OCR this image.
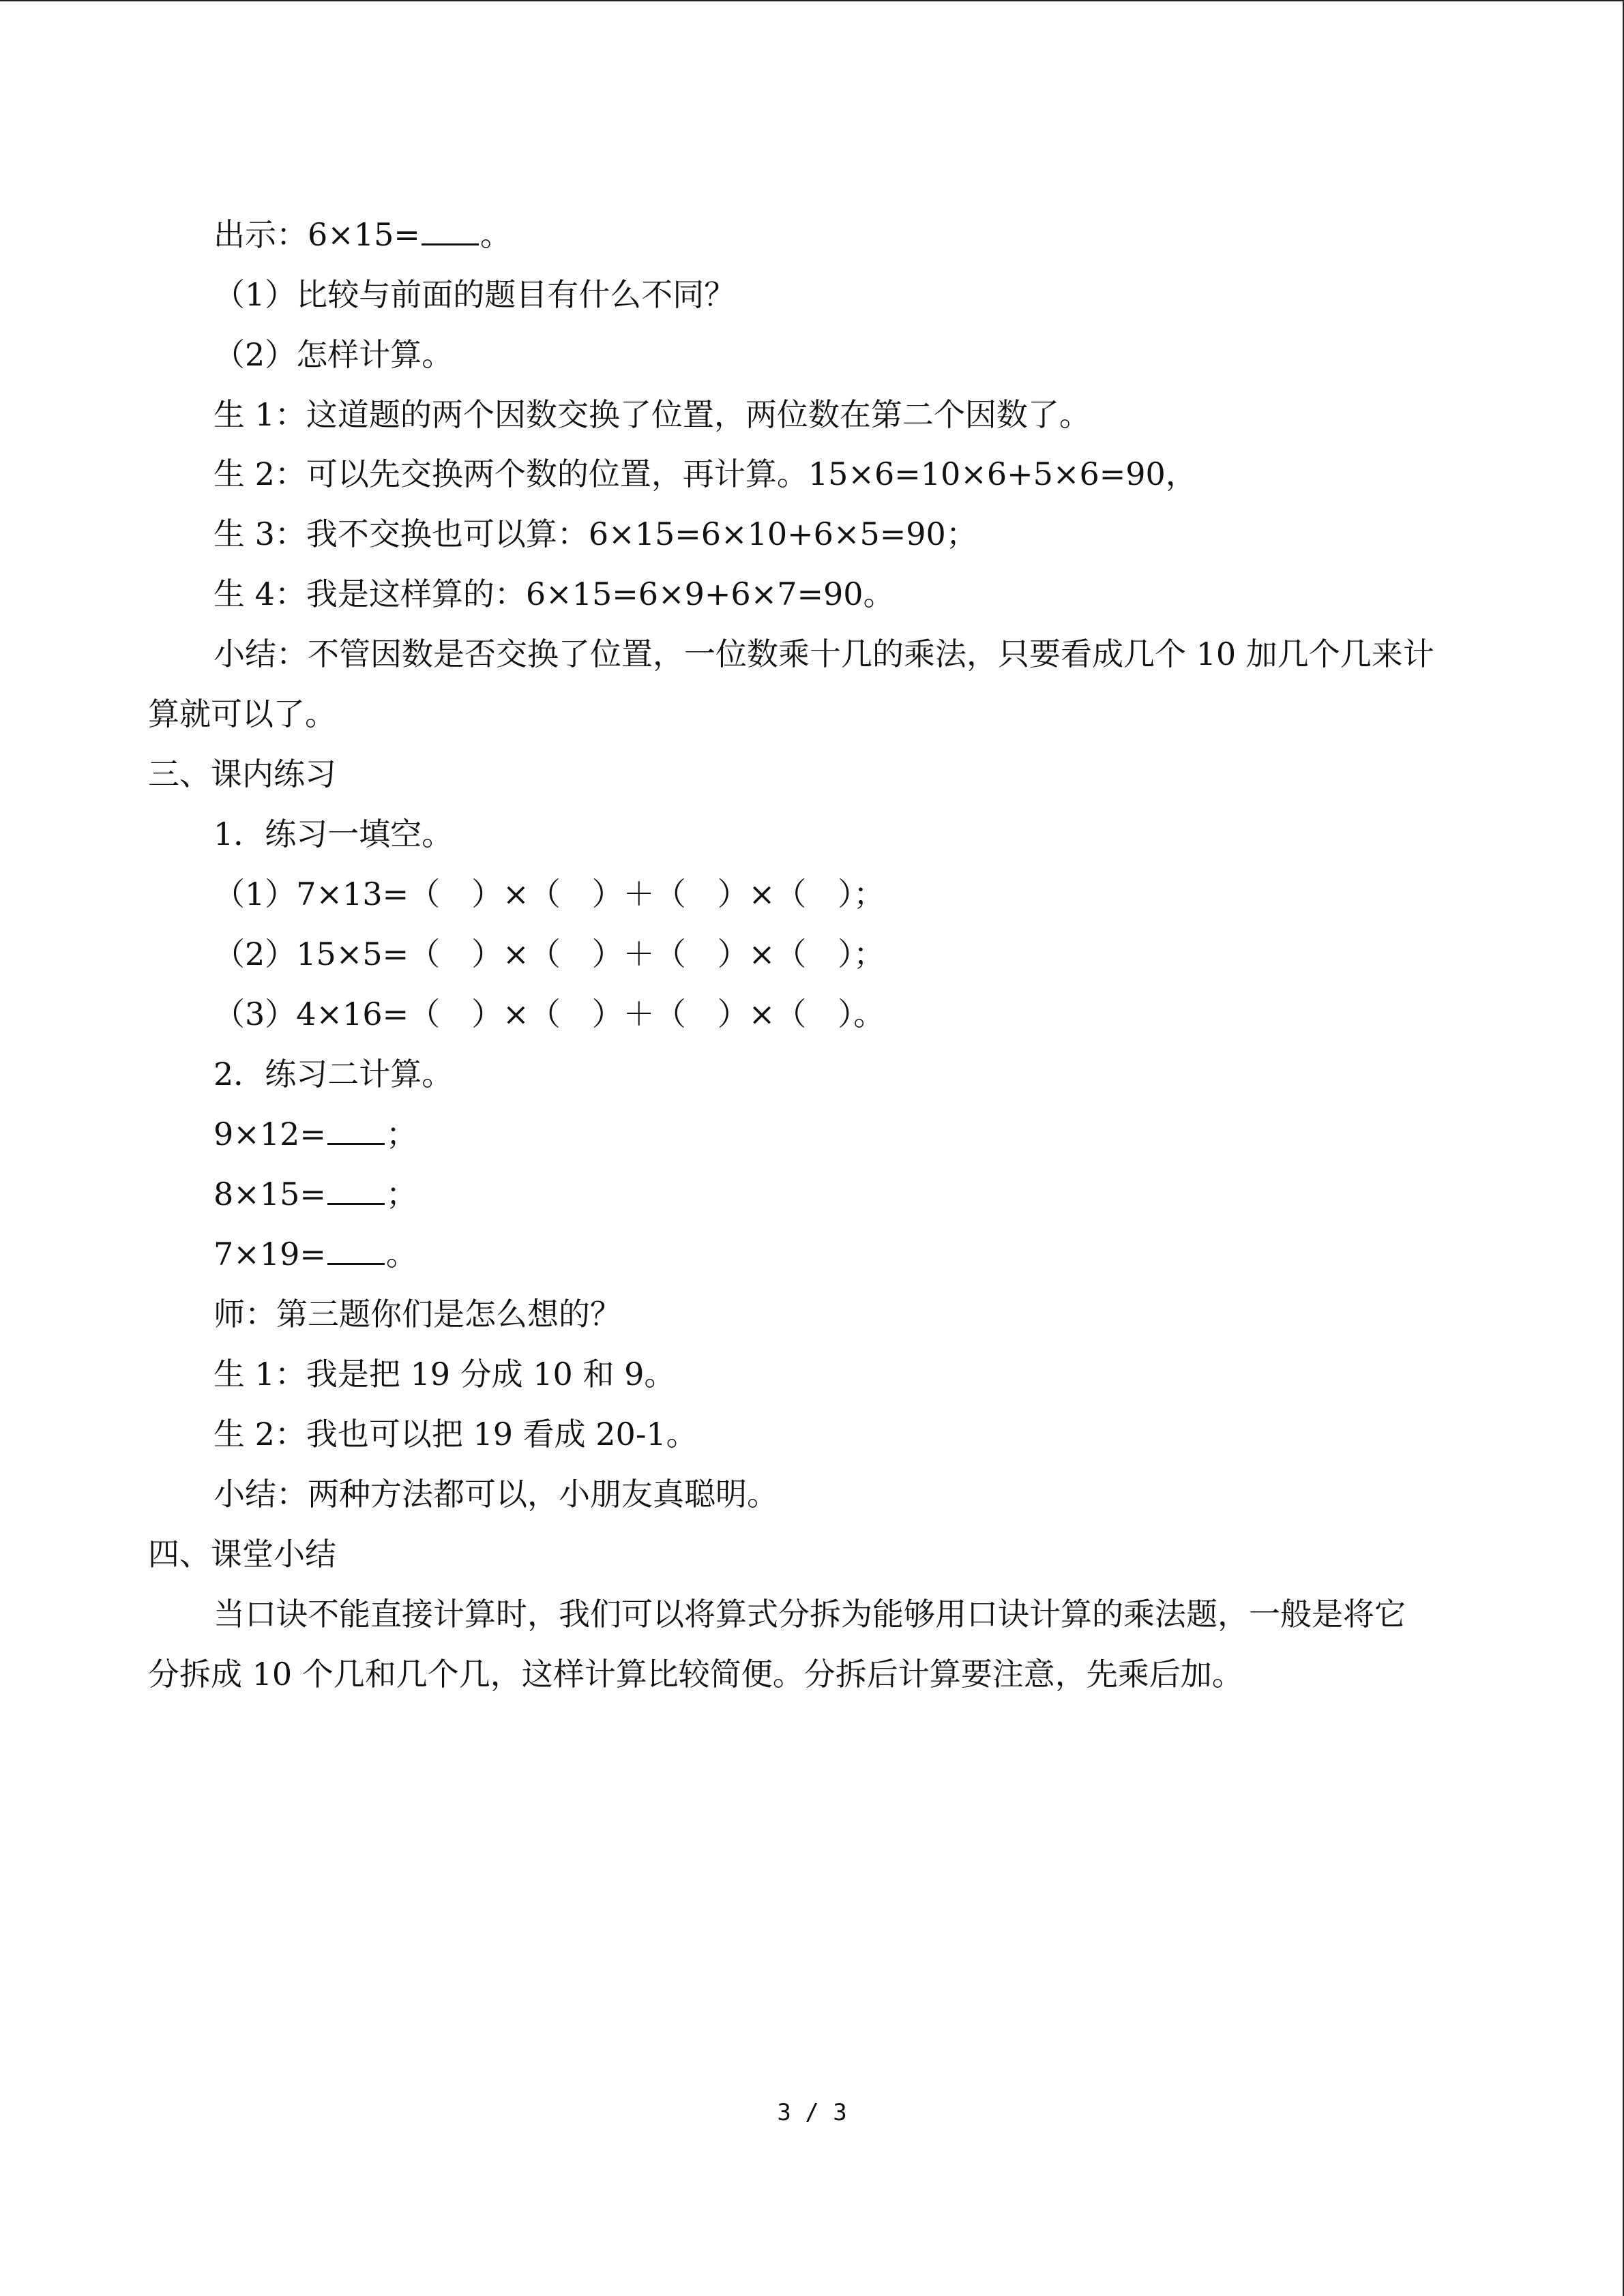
出示：6×15= 。
（1）比较与前面的题目有什么不同？
（2）怎样计算。
生 1：这道题的两个因数交换了位置，两位数在第二个因数了。
生 2：可以先交换两个数的位置，再计算。15×6=10×6+5×6=90，
生 3：我不交换也可以算：6×15=6×10+6×5=90；
生 4：我是这样算的：6×15=6×9+6×7=90。
小结：不管因数是否交换了位置，一位数乘十几的乘法，只要看成几个 10 加几个几来计
算就可以了。
三、课内练习
1．练习一填空。
（1）7×13=（　）×（　）＋（　）×（　）；
（2）15×5=（　）×（　）＋（　）×（　）；
（3）4×16=（　）×（　）＋（　）×（　）。
2．练习二计算。
9×12= ；
8×15= ；
7×19= 。
师：第三题你们是怎么想的？
生 1：我是把 19 分成 10 和 9。
生 2：我也可以把 19 看成 20-1。
小结：两种方法都可以，小朋友真聪明。
四、课堂小结
当口诀不能直接计算时，我们可以将算式分拆为能够用口诀计算的乘法题，一般是将它
分拆成 10 个几和几个几，这样计算比较简便。分拆后计算要注意，先乘后加。
3 / 3
